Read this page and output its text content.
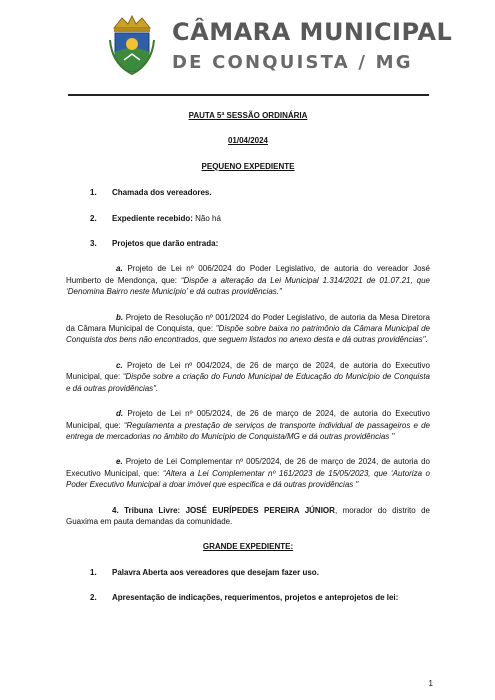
CÂMARA MUNICIPAL
DE CONQUISTA / MG

PAUTA 5ª SESSÃO ORDINÁRIA

01/04/2024

PEQUENO EXPEDIENTE

1.	Chamada dos vereadores.
2.	Expediente recebido: Não há
3.	Projetos que darão entrada:

a. Projeto de Lei nº 006/2024 do Poder Legislativo, de autoria do vereador José Humberto de Mendonça, que: “Dispõe a alteração da Lei Municipal 1.314/2021 de 01.07.21, que ‘Denomina Bairro neste Município’ e dá outras providências."

b. Projeto de Resolução nº 001/2024 do Poder Legislativo, de autoria da Mesa Diretora da Câmara Municipal de Conquista, que: "Dispõe sobre baixa no patrimônio da Câmara Municipal de Conquista dos bens não encontrados, que seguem listados no anexo desta e dá outras providências".

c. Projeto de Lei nº 004/2024, de 26 de março de 2024, de autoria do Executivo Municipal, que: “Dispõe sobre a criação do Fundo Municipal de Educação do Município de Conquista e dá outras providências".

d. Projeto de Lei nº 005/2024, de 26 de março de 2024, de autoria do Executivo Municipal, que: “Regulamenta a prestação de serviços de transporte individual de passageiros e de entrega de mercadorias no âmbito do Município de Conquista/MG e dá outras providências "

e. Projeto de Lei Complementar nº 005/2024, de 26 de março de 2024, de autoria do Executivo Municipal, que: “Altera a Lei Complementar nº 161/2023 de 15/05/2023, que ‘Autoriza o Poder Executivo Municipal a doar imóvel que especifica e dá outras providências "

4. Tribuna Livre: JOSÉ EURÍPEDES PEREIRA JÚNIOR, morador do distrito de Guaxima em pauta demandas da comunidade.

GRANDE EXPEDIENTE:

1.	Palavra Aberta aos vereadores que desejam fazer uso.
2.	Apresentação de indicações, requerimentos, projetos e anteprojetos de lei:
1
